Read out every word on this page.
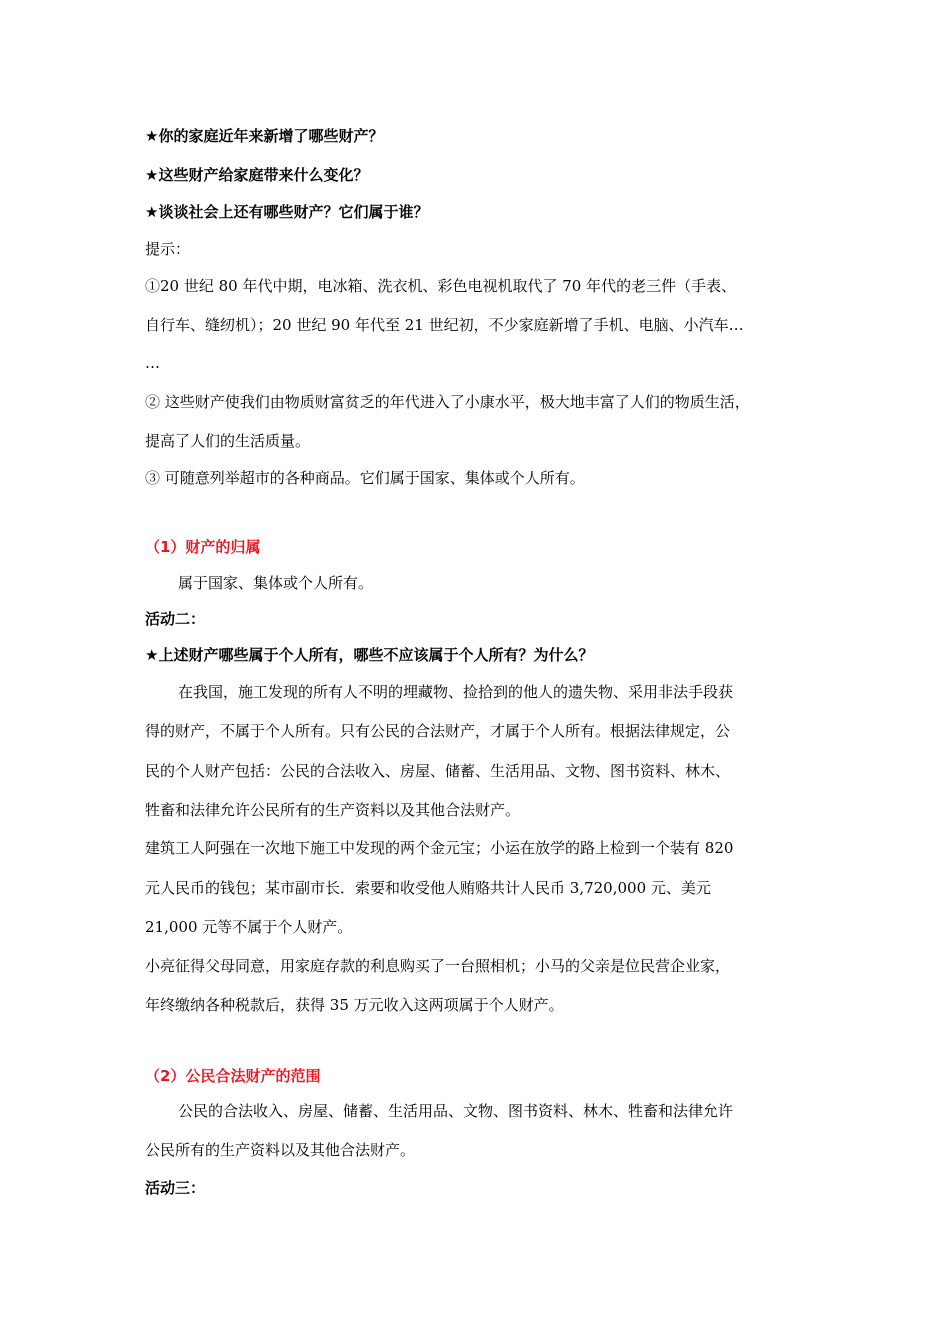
★你的家庭近年来新增了哪些财产？
★这些财产给家庭带来什么变化？
★谈谈社会上还有哪些财产？它们属于谁？
提示：
①20 世纪 80 年代中期，电冰箱、洗衣机、彩色电视机取代了 70 年代的老三件（手表、
自行车、缝纫机）；20 世纪 90 年代至 21 世纪初，不少家庭新增了手机、电脑、小汽车…
…
② 这些财产使我们由物质财富贫乏的年代进入了小康水平，极大地丰富了人们的物质生活，
提高了人们的生活质量。
③ 可随意列举超市的各种商品。它们属于国家、集体或个人所有。
（1）财产的归属
属于国家、集体或个人所有。
活动二：
★上述财产哪些属于个人所有，哪些不应该属于个人所有？为什么？
在我国，施工发现的所有人不明的埋藏物、捡拾到的他人的遗失物、采用非法手段获
得的财产，不属于个人所有。只有公民的合法财产，才属于个人所有。根据法律规定，公
民的个人财产包括：公民的合法收入、房屋、储蓄、生活用品、文物、图书资料、林木、
牲畜和法律允许公民所有的生产资料以及其他合法财产。
建筑工人阿强在一次地下施工中发现的两个金元宝；小运在放学的路上检到一个装有 820
元人民币的钱包；某市副市长．索要和收受他人贿赂共计人民币 3,720,000 元、美元
21,000 元等不属于个人财产。
小亮征得父母同意，用家庭存款的利息购买了一台照相机；小马的父亲是位民营企业家，
年终缴纳各种税款后，获得 35 万元收入这两项属于个人财产。
（2）公民合法财产的范围
公民的合法收入、房屋、储蓄、生活用品、文物、图书资料、林木、牲畜和法律允许
公民所有的生产资料以及其他合法财产。
活动三：
